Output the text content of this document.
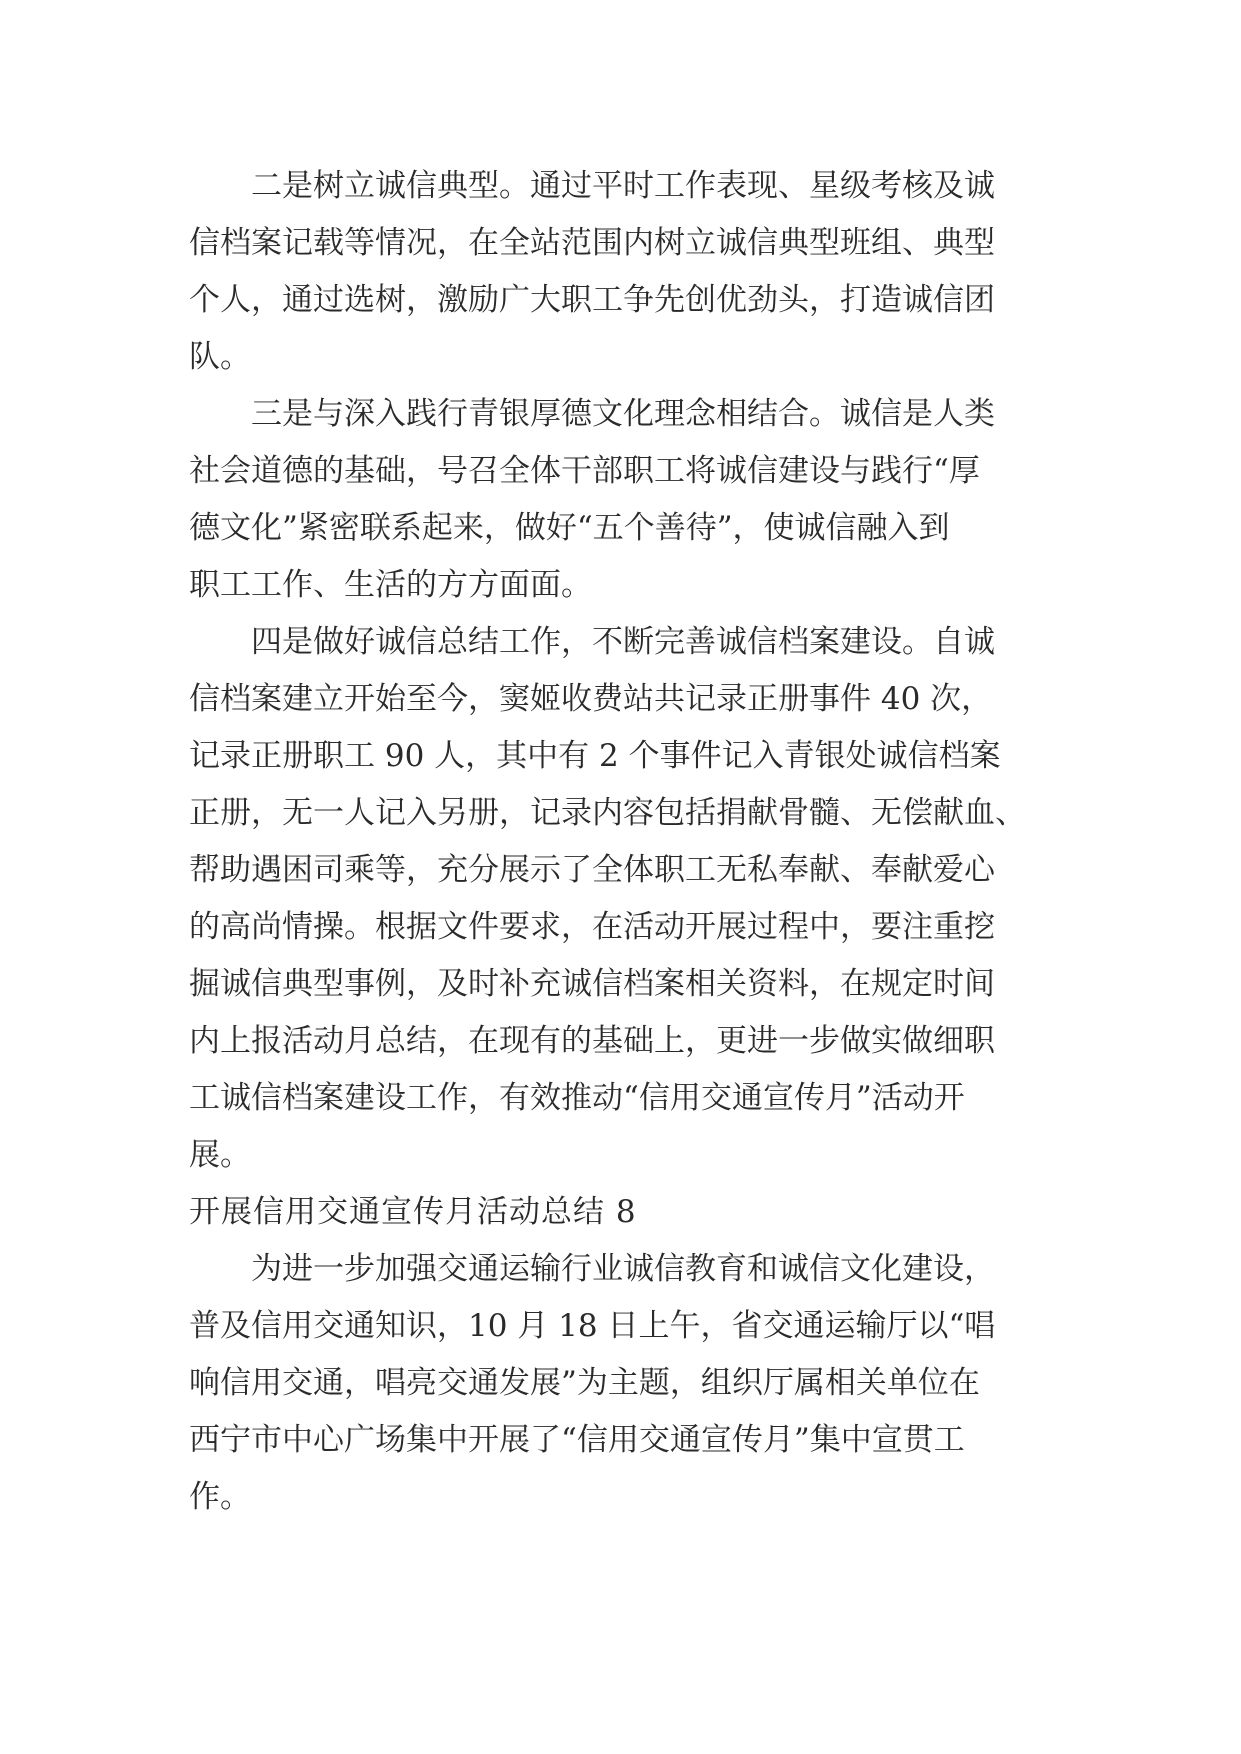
二是树立诚信典型。通过平时工作表现、星级考核及诚
信档案记载等情况，在全站范围内树立诚信典型班组、典型
个人，通过选树，激励广大职工争先创优劲头，打造诚信团
队。
三是与深入践行青银厚德文化理念相结合。诚信是人类
社会道德的基础，号召全体干部职工将诚信建设与践行“厚
德文化”紧密联系起来，做好“五个善待”，使诚信融入到
职工工作、生活的方方面面。
四是做好诚信总结工作，不断完善诚信档案建设。自诚
信档案建立开始至今，窦姬收费站共记录正册事件 40 次，
记录正册职工 90 人，其中有 2 个事件记入青银处诚信档案
正册，无一人记入另册，记录内容包括捐献骨髓、无偿献血、
帮助遇困司乘等，充分展示了全体职工无私奉献、奉献爱心
的高尚情操。根据文件要求，在活动开展过程中，要注重挖
掘诚信典型事例，及时补充诚信档案相关资料，在规定时间
内上报活动月总结，在现有的基础上，更进一步做实做细职
工诚信档案建设工作，有效推动“信用交通宣传月”活动开
展。
开展信用交通宣传月活动总结 8
为进一步加强交通运输行业诚信教育和诚信文化建设，
普及信用交通知识，10 月 18 日上午，省交通运输厅以“唱
响信用交通，唱亮交通发展”为主题，组织厅属相关单位在
西宁市中心广场集中开展了“信用交通宣传月”集中宣贯工
作。
